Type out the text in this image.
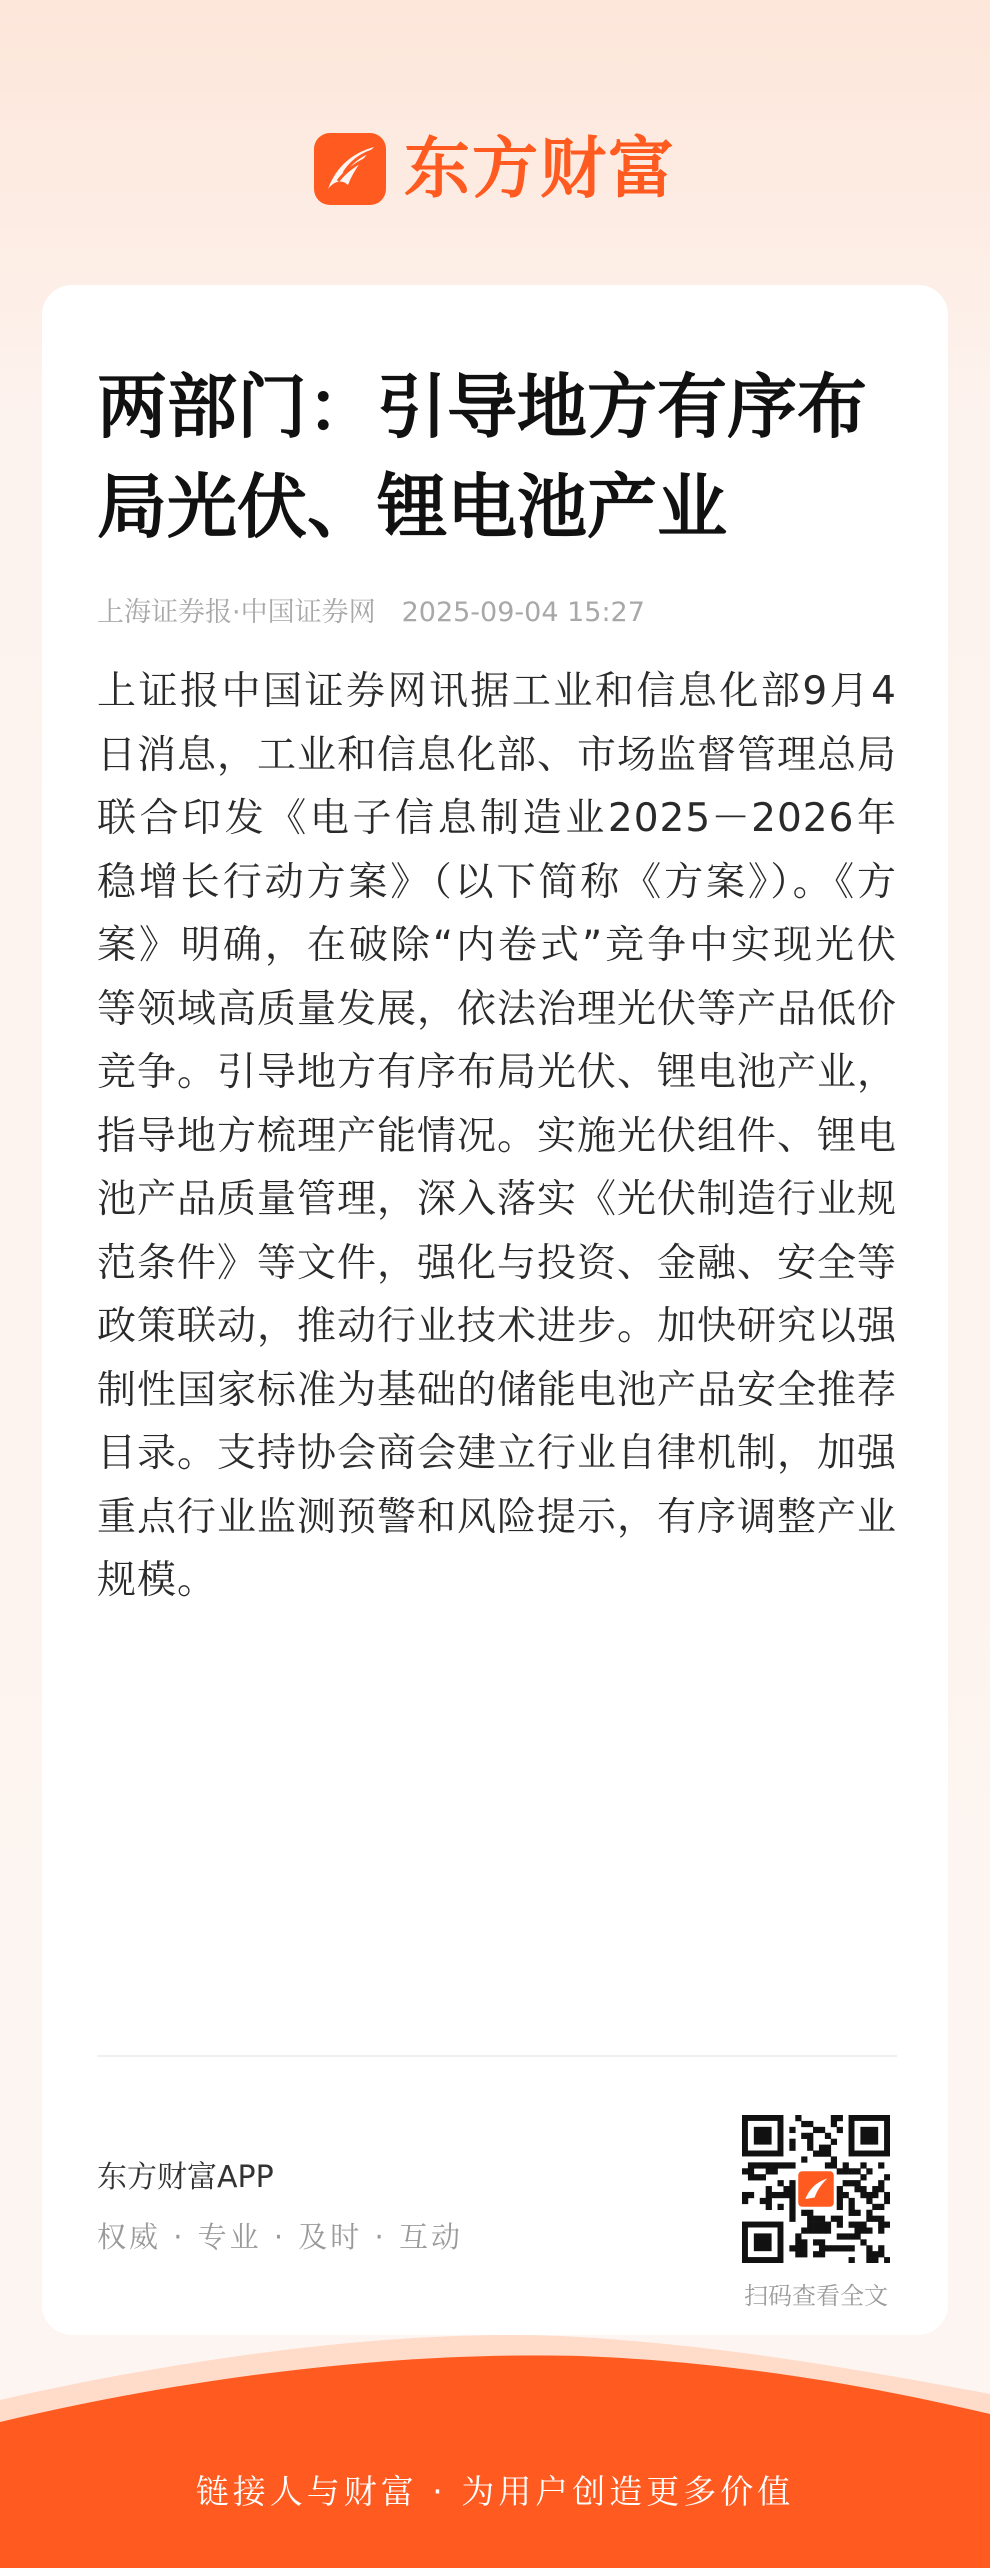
东方财富
两部门：引导地方有序布局光伏、锂电池产业
上海证券报·中国证券网 2025-09-04 15:27

上证报中国证券网讯据工业和信息化部9月4日消息，工业和信息化部、市场监督管理总局联合印发《电子信息制造业2025－2026年稳增长行动方案》（以下简称《方案》）。《方案》明确，在破除“内卷式”竞争中实现光伏等领域高质量发展，依法治理光伏等产品低价竞争。引导地方有序布局光伏、锂电池产业，指导地方梳理产能情况。实施光伏组件、锂电池产品质量管理，深入落实《光伏制造行业规范条件》等文件，强化与投资、金融、安全等政策联动，推动行业技术进步。加快研究以强制性国家标准为基础的储能电池产品安全推荐目录。支持协会商会建立行业自律机制，加强重点行业监测预警和风险提示，有序调整产业规模。

东方财富APP
权威 · 专业 · 及时 · 互动
扫码查看全文
链接人与财富 · 为用户创造更多价值
